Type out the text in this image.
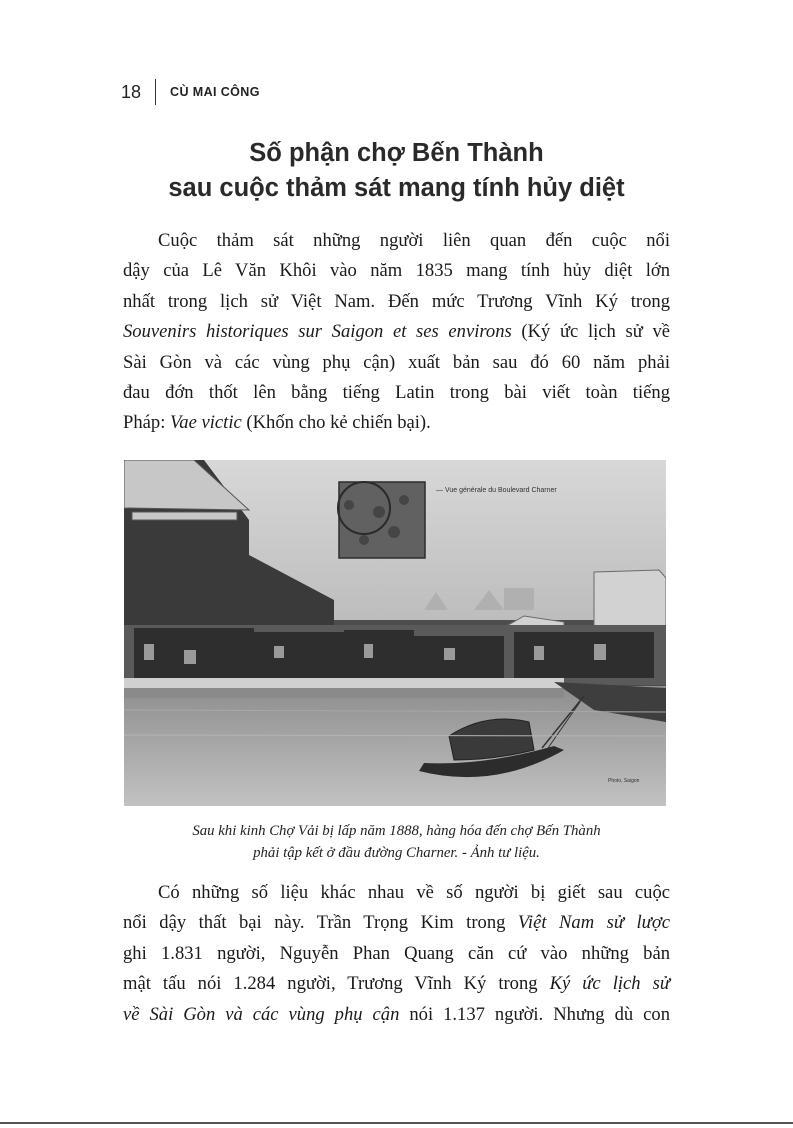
18 CÙ MAI CÔNG
Số phận chợ Bến Thành
sau cuộc thảm sát mang tính hủy diệt
Cuộc thảm sát những người liên quan đến cuộc nổi
dậy của Lê Văn Khôi vào năm 1835 mang tính hủy diệt lớn
nhất trong lịch sử Việt Nam. Đến mức Trương Vĩnh Ký trong
Souvenirs historiques sur Saigon et ses environs (Ký ức lịch sử về
Sài Gòn và các vùng phụ cận) xuất bản sau đó 60 năm phải
đau đớn thốt lên bằng tiếng Latin trong bài viết toàn tiếng
Pháp: Vae victic (Khốn cho kẻ chiến bại).
— Vue générale du Boulevard Charner
Photo, Saigon
Sau khi kinh Chợ Vải bị lấp năm 1888, hàng hóa đến chợ Bến Thành
phải tập kết ở đầu đường Charner. - Ảnh tư liệu.
Có những số liệu khác nhau về số người bị giết sau cuộc
nổi dậy thất bại này. Trần Trọng Kim trong Việt Nam sử lược
ghi 1.831 người, Nguyễn Phan Quang căn cứ vào những bản
mật tấu nói 1.284 người, Trương Vĩnh Ký trong Ký ức lịch sử
về Sài Gòn và các vùng phụ cận nói 1.137 người. Nhưng dù con
